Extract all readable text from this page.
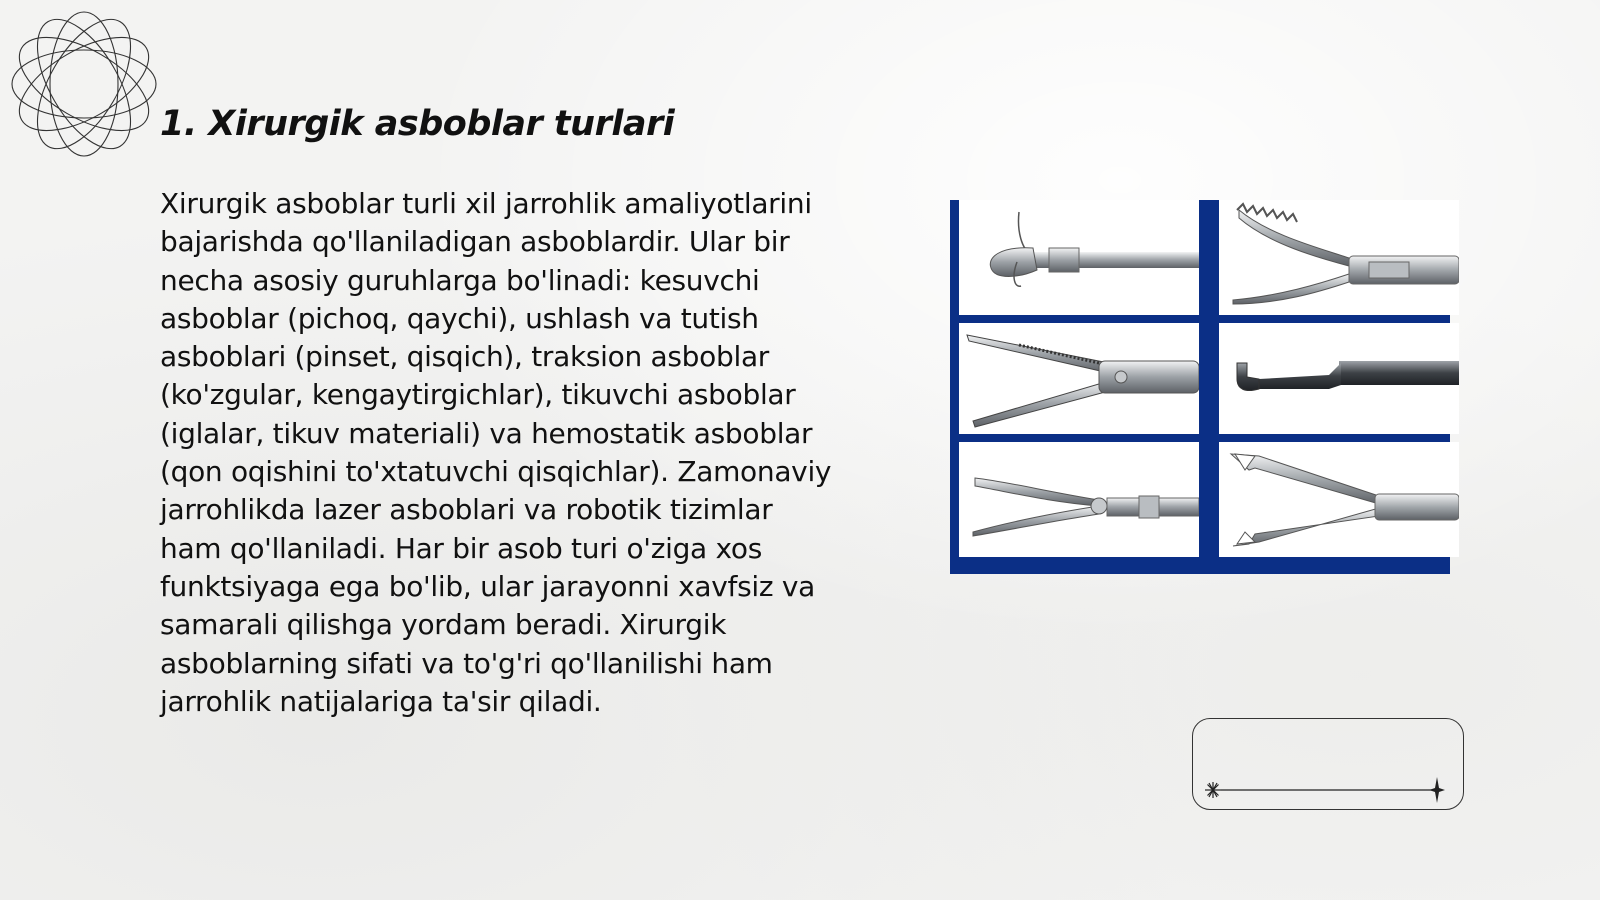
1. Xirurgik asboblar turlari

Xirurgik asboblar turli xil jarrohlik amaliyotlarini bajarishda qo'llaniladigan asboblardir. Ular bir necha asosiy guruhlarga bo'linadi: kesuvchi asboblar (pichoq, qaychi), ushlash va tutish asboblari (pinset, qisqich), traksion asboblar (ko'zgular, kengaytirgichlar), tikuvchi asboblar (iglalar, tikuv materiali) va hemostatik asboblar (qon oqishini to'xtatuvchi qisqichlar). Zamonaviy jarrohlikda lazer asboblari va robotik tizimlar ham qo'llaniladi. Har bir asob turi o'ziga xos funktsiyaga ega bo'lib, ular jarayonni xavfsiz va samarali qilishga yordam beradi. Xirurgik asboblarning sifati va to'g'ri qo'llanilishi ham jarrohlik natijalariga ta'sir qiladi.
